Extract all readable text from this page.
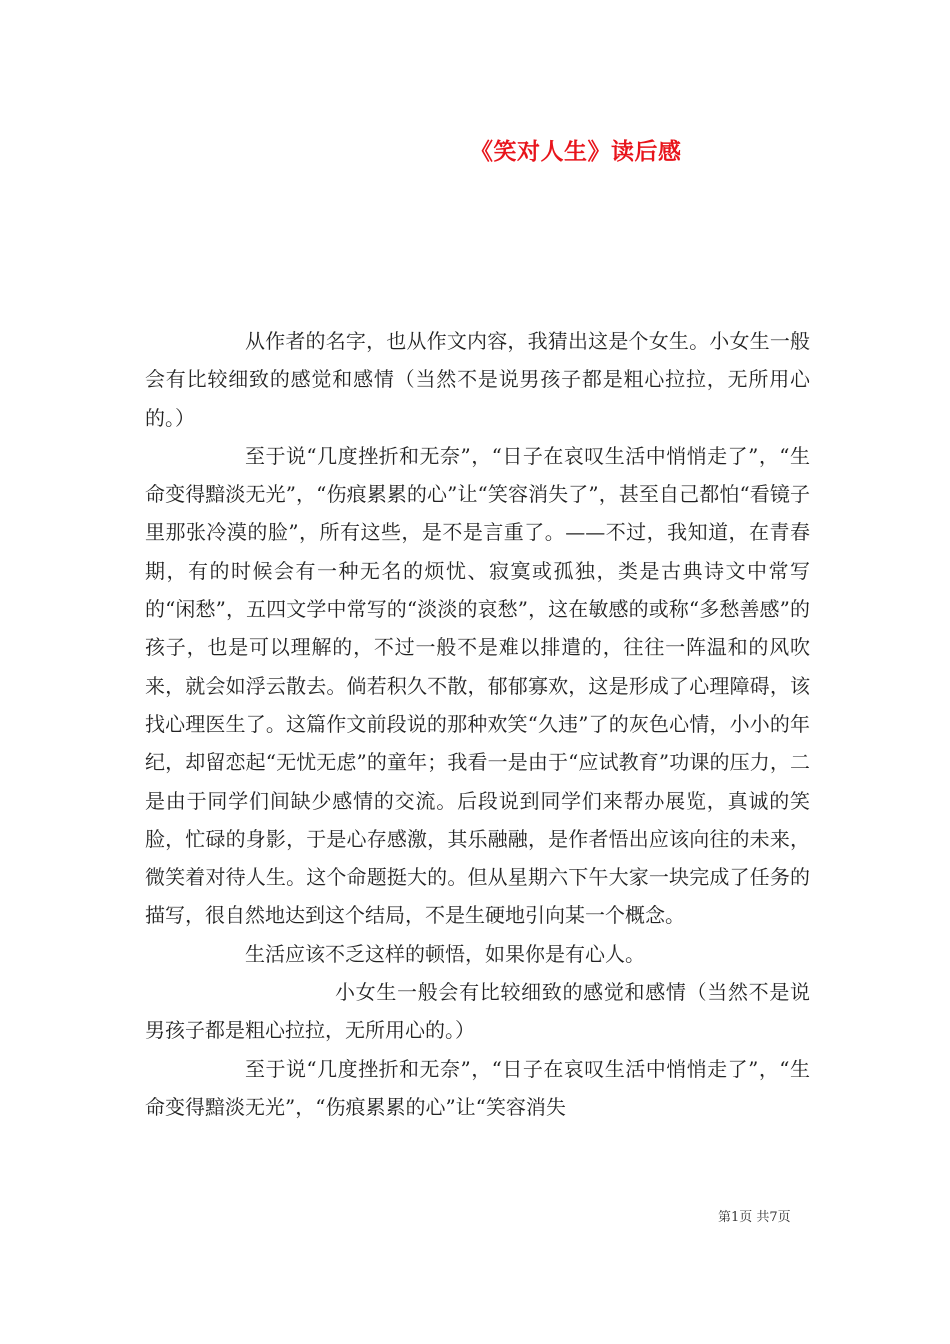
《笑对人生》读后感

从作者的名字，也从作文内容，我猜出这是个女生。小女生一般会有比较细致的感觉和感情（当然不是说男孩子都是粗心拉拉，无所用心的。）

至于说“几度挫折和无奈”，“日子在哀叹生活中悄悄走了”，“生命变得黯淡无光”，“伤痕累累的心”让“笑容消失了”，甚至自己都怕“看镜子里那张冷漠的脸”，所有这些，是不是言重了。——不过，我知道，在青春期，有的时候会有一种无名的烦忧、寂寞或孤独，类是古典诗文中常写的“闲愁”，五四文学中常写的“淡淡的哀愁”，这在敏感的或称“多愁善感”的孩子，也是可以理解的，不过一般不是难以排遣的，往往一阵温和的风吹来，就会如浮云散去。倘若积久不散，郁郁寡欢，这是形成了心理障碍，该找心理医生了。这篇作文前段说的那种欢笑“久违”了的灰色心情，小小的年纪，却留恋起“无忧无虑”的童年；我看一是由于“应试教育”功课的压力，二是由于同学们间缺少感情的交流。后段说到同学们来帮办展览，真诚的笑脸，忙碌的身影，于是心存感激，其乐融融，是作者悟出应该向往的未来，微笑着对待人生。这个命题挺大的。但从星期六下午大家一块完成了任务的描写，很自然地达到这个结局，不是生硬地引向某一个概念。

生活应该不乏这样的顿悟，如果你是有心人。

小女生一般会有比较细致的感觉和感情（当然不是说男孩子都是粗心拉拉，无所用心的。）

至于说“几度挫折和无奈”，“日子在哀叹生活中悄悄走了”，“生命变得黯淡无光”，“伤痕累累的心”让“笑容消失

第1页 共7页
